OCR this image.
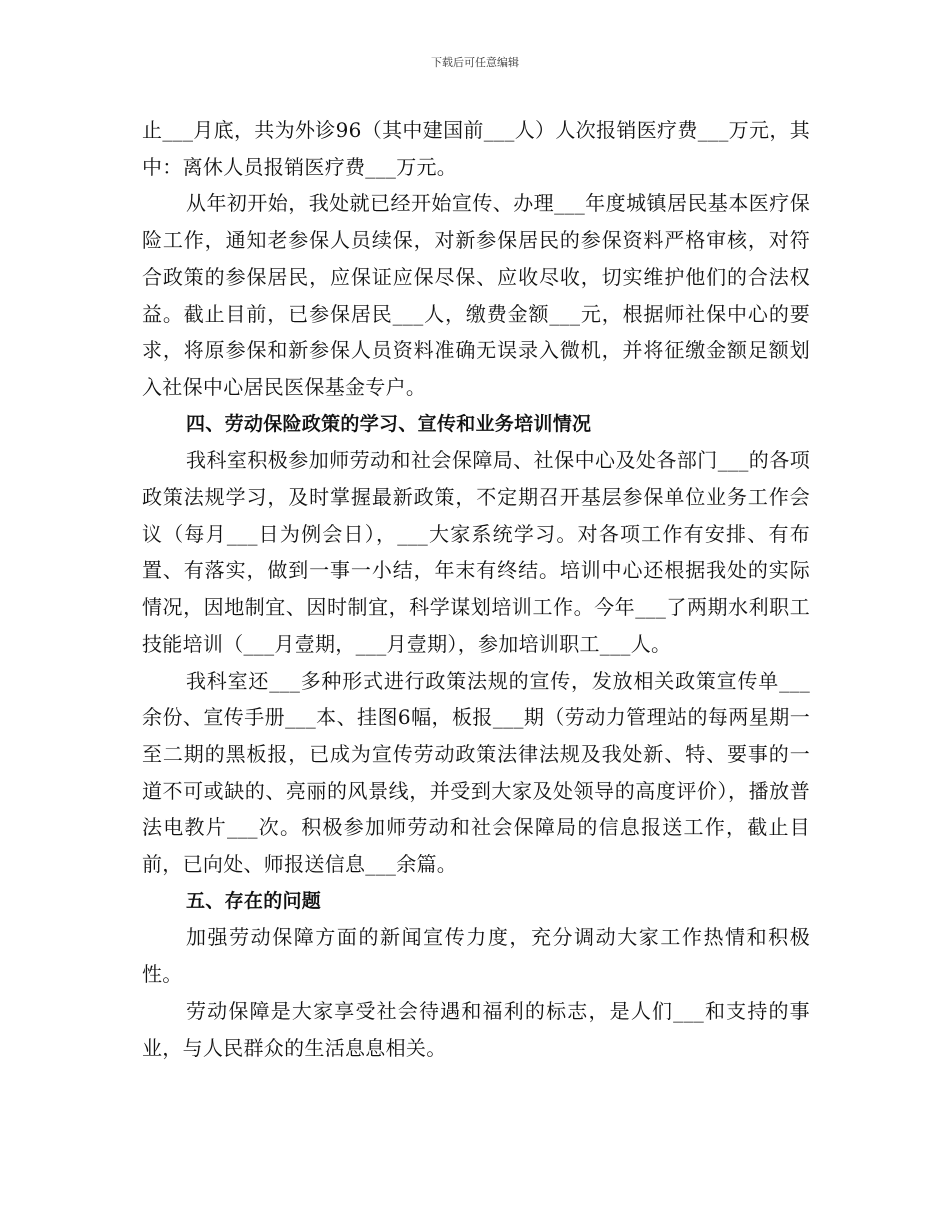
下载后可任意编辑

止___月底，共为外诊96（其中建国前___人）人次报销医疗费___万元，其中：离休人员报销医疗费___万元。

从年初开始，我处就已经开始宣传、办理___年度城镇居民基本医疗保险工作，通知老参保人员续保，对新参保居民的参保资料严格审核，对符合政策的参保居民，应保证应保尽保、应收尽收，切实维护他们的合法权益。截止目前，已参保居民___人，缴费金额___元，根据师社保中心的要求，将原参保和新参保人员资料准确无误录入微机，并将征缴金额足额划入社保中心居民医保基金专户。

四、劳动保险政策的学习、宣传和业务培训情况

我科室积极参加师劳动和社会保障局、社保中心及处各部门___的各项政策法规学习，及时掌握最新政策，不定期召开基层参保单位业务工作会议（每月___日为例会日），___大家系统学习。对各项工作有安排、有布置、有落实，做到一事一小结，年末有终结。培训中心还根据我处的实际情况，因地制宜、因时制宜，科学谋划培训工作。今年___了两期水利职工技能培训（___月壹期，___月壹期），参加培训职工___人。

我科室还___多种形式进行政策法规的宣传，发放相关政策宣传单___余份、宣传手册___本、挂图6幅，板报___期（劳动力管理站的每两星期一至二期的黑板报，已成为宣传劳动政策法律法规及我处新、特、要事的一道不可或缺的、亮丽的风景线，并受到大家及处领导的高度评价），播放普法电教片___次。积极参加师劳动和社会保障局的信息报送工作，截止目前，已向处、师报送信息___余篇。

五、存在的问题

加强劳动保障方面的新闻宣传力度，充分调动大家工作热情和积极性。

劳动保障是大家享受社会待遇和福利的标志，是人们___和支持的事业，与人民群众的生活息息相关。
